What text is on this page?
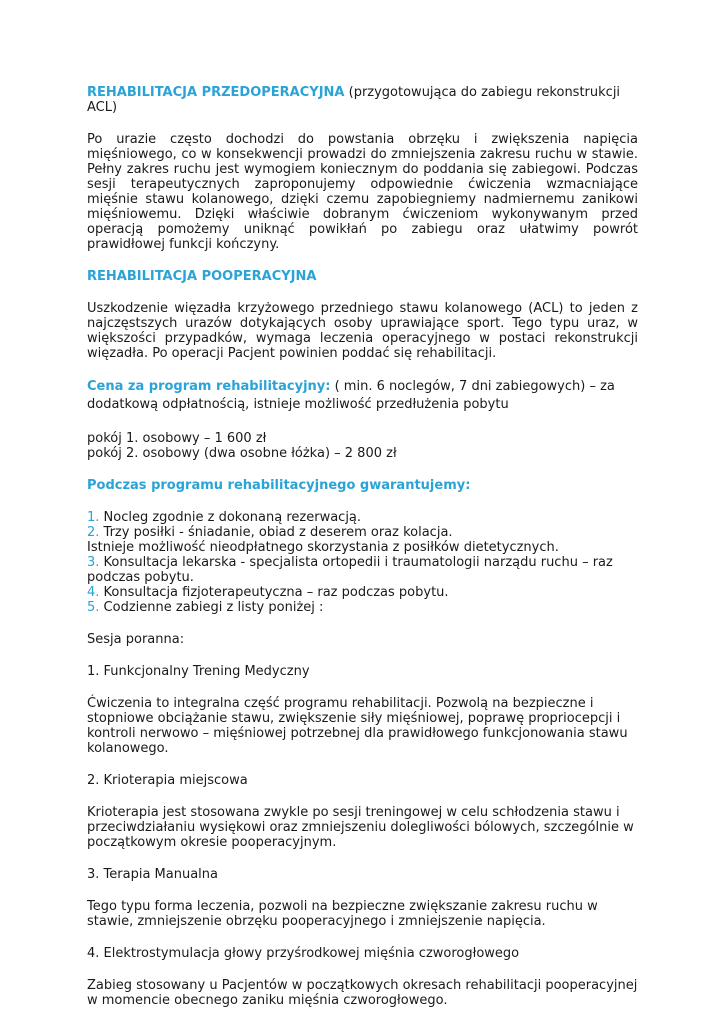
REHABILITACJA PRZEDOPERACYJNA (przygotowująca do zabiegu rekonstrukcji ACL)

Po urazie często dochodzi do powstania obrzęku i zwiększenia napięcia mięśniowego, co w konsekwencji prowadzi do zmniejszenia zakresu ruchu w stawie. Pełny zakres ruchu jest wymogiem koniecznym do poddania się zabiegowi. Podczas sesji terapeutycznych zaproponujemy odpowiednie ćwiczenia wzmacniające mięśnie stawu kolanowego, dzięki czemu zapobiegniemy nadmiernemu zanikowi mięśniowemu. Dzięki właściwie dobranym ćwiczeniom wykonywanym przed operacją pomożemy uniknąć powikłań po zabiegu oraz ułatwimy powrót prawidłowej funkcji kończyny.

REHABILITACJA POOPERACYJNA

Uszkodzenie więzadła krzyżowego przedniego stawu kolanowego (ACL) to jeden z najczęstszych urazów dotykających osoby uprawiające sport. Tego typu uraz, w większości przypadków, wymaga leczenia operacyjnego w postaci rekonstrukcji więzadła. Po operacji Pacjent powinien poddać się rehabilitacji.

Cena za program rehabilitacyjny: ( min. 6 noclegów, 7 dni zabiegowych) – za

dodatkową odpłatnością, istnieje możliwość przedłużenia pobytu

pokój 1. osobowy – 1 600 zł

pokój 2. osobowy (dwa osobne łóżka) – 2 800 zł

Podczas programu rehabilitacyjnego gwarantujemy:

1. Nocleg zgodnie z dokonaną rezerwacją.

2. Trzy posiłki - śniadanie, obiad z deserem oraz kolacja.

Istnieje możliwość nieodpłatnego skorzystania z posiłków dietetycznych.

3. Konsultacja lekarska - specjalista ortopedii i traumatologii narządu ruchu – raz podczas pobytu.

4. Konsultacja fizjoterapeutyczna – raz podczas pobytu.

5. Codzienne zabiegi z listy poniżej :

Sesja poranna:

1. Funkcjonalny Trening Medyczny

Ćwiczenia to integralna część programu rehabilitacji. Pozwolą na bezpieczne i stopniowe obciążanie stawu, zwiększenie siły mięśniowej, poprawę propriocepcji i kontroli nerwowo – mięśniowej potrzebnej dla prawidłowego funkcjonowania stawu kolanowego.

2. Krioterapia miejscowa

Krioterapia jest stosowana zwykle po sesji treningowej w celu schłodzenia stawu i przeciwdziałaniu wysiękowi oraz zmniejszeniu dolegliwości bólowych, szczególnie w początkowym okresie pooperacyjnym.

3. Terapia Manualna

Tego typu forma leczenia, pozwoli na bezpieczne zwiększanie zakresu ruchu w stawie, zmniejszenie obrzęku pooperacyjnego i zmniejszenie napięcia.

4. Elektrostymulacja głowy przyśrodkowej mięśnia czworogłowego

Zabieg stosowany u Pacjentów w początkowych okresach rehabilitacji pooperacyjnej w momencie obecnego zaniku mięśnia czworogłowego.
